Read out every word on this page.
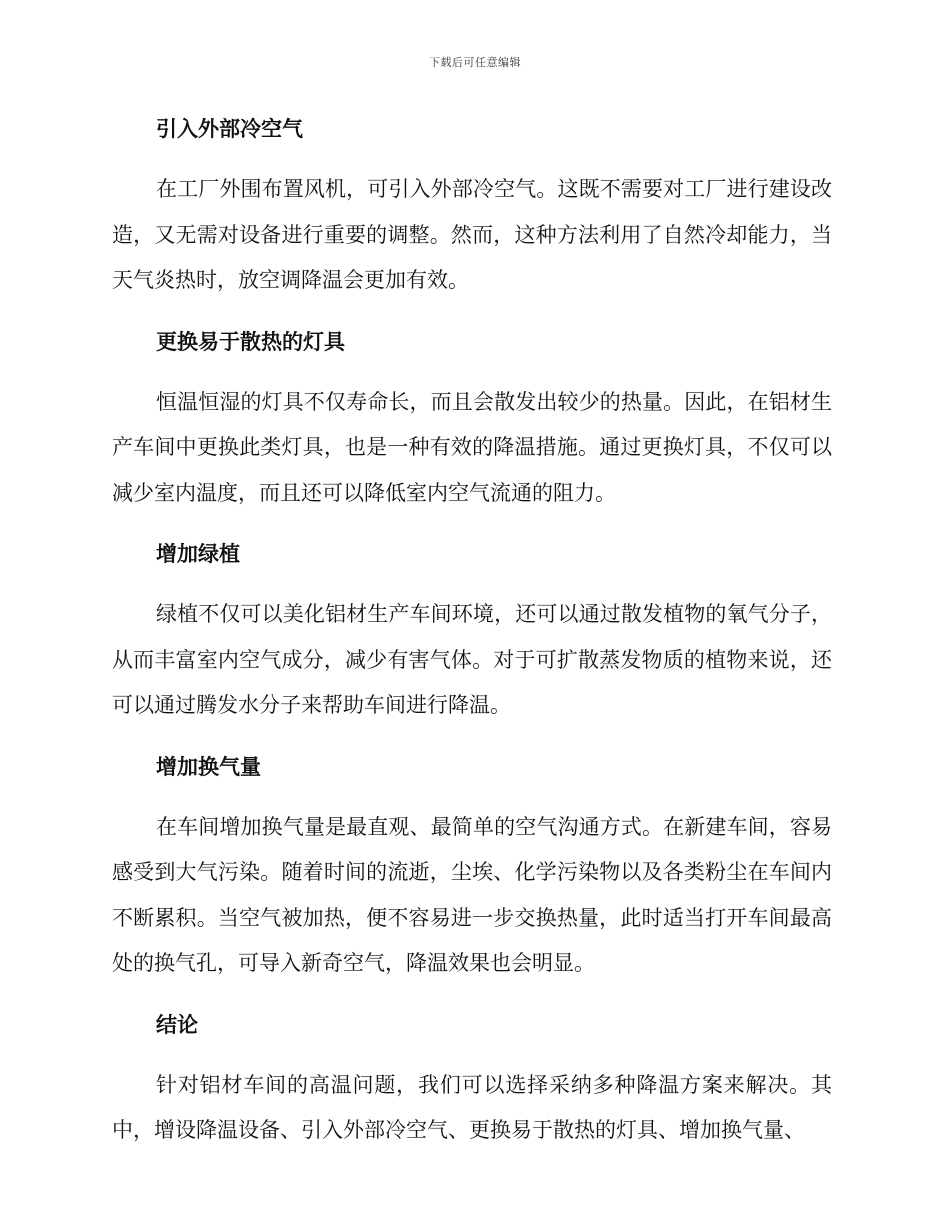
下载后可任意编辑
引入外部冷空气

在工厂外围布置风机，可引入外部冷空气。这既不需要对工厂进行建设改造，又无需对设备进行重要的调整。然而，这种方法利用了自然冷却能力，当天气炎热时，放空调降温会更加有效。

更换易于散热的灯具

恒温恒湿的灯具不仅寿命长，而且会散发出较少的热量。因此，在铝材生产车间中更换此类灯具，也是一种有效的降温措施。通过更换灯具，不仅可以减少室内温度，而且还可以降低室内空气流通的阻力。

增加绿植

绿植不仅可以美化铝材生产车间环境，还可以通过散发植物的氧气分子，从而丰富室内空气成分，减少有害气体。对于可扩散蒸发物质的植物来说，还可以通过腾发水分子来帮助车间进行降温。

增加换气量

在车间增加换气量是最直观、最简单的空气沟通方式。在新建车间，容易感受到大气污染。随着时间的流逝，尘埃、化学污染物以及各类粉尘在车间内不断累积。当空气被加热，便不容易进一步交换热量，此时适当打开车间最高处的换气孔，可导入新奇空气，降温效果也会明显。

结论

针对铝材车间的高温问题，我们可以选择采纳多种降温方案来解决。其中，增设降温设备、引入外部冷空气、更换易于散热的灯具、增加换气量、
